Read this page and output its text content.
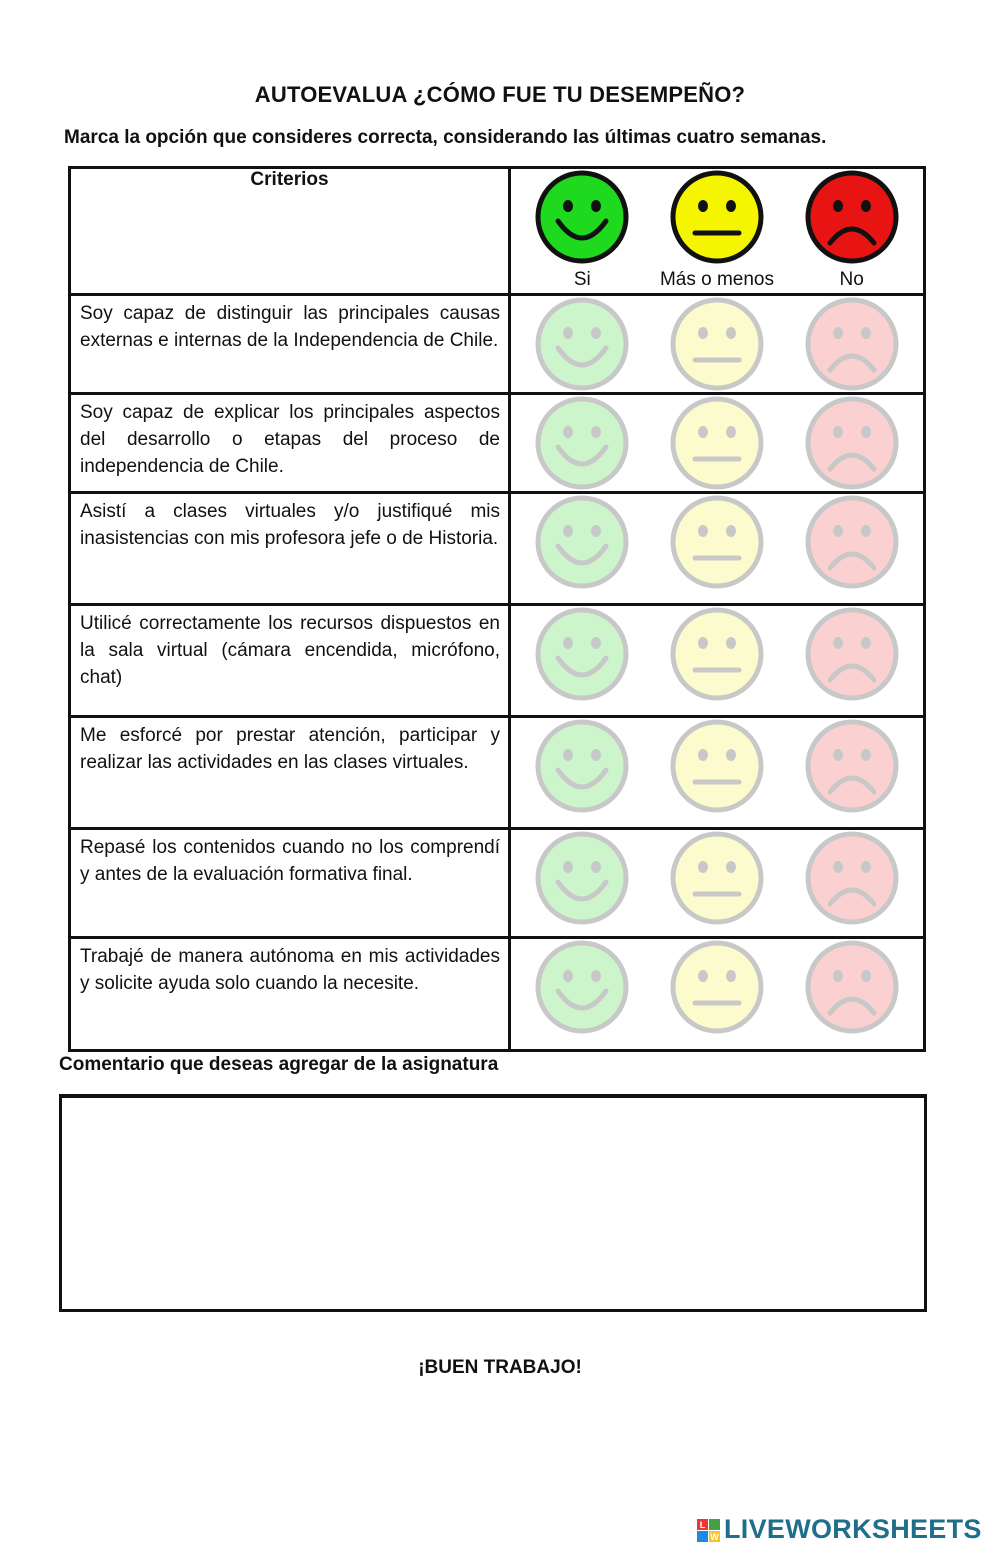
AUTOEVALUA ¿CÓMO FUE TU DESEMPEÑO?
Marca la opción que consideres correcta, considerando las últimas cuatro semanas.
Criterios	Si Más o menos No

Soy capaz de distinguir las principales causas externas e internas de la Independencia de Chile.	

Soy capaz de explicar los principales aspectos del desarrollo o etapas del proceso de independencia de Chile.	

Asistí a clases virtuales y/o justifiqué mis inasistencias con mis profesora jefe o de Historia.	

Utilicé correctamente los recursos dispuestos en la sala virtual (cámara encendida, micrófono, chat)	

Me esforcé por prestar atención, participar y realizar las actividades en las clases virtuales.	

Repasé los contenidos cuando no los comprendí y antes de la evaluación formativa final.	

Trabajé de manera autónoma en mis actividades y solicite ayuda solo cuando la necesite.	
Comentario que deseas agregar de la asignatura
¡BUEN TRABAJO!
L
W LIVEWORKSHEETS
